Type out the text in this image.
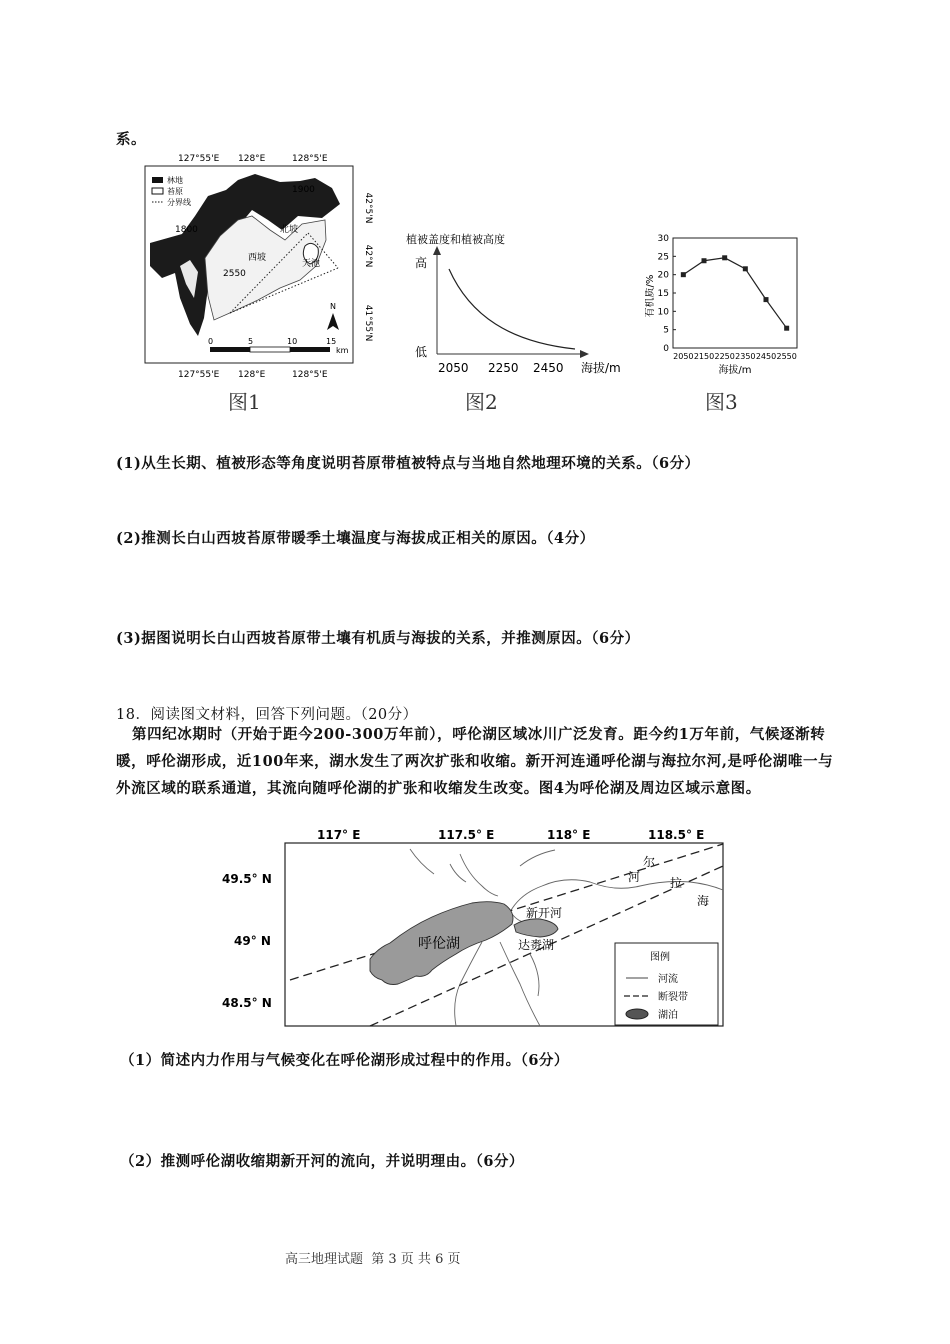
系。
127°55'E 128°E	128°5'E
42°5'N
42°N
41°55'N
林地
苔原
分界线
1900
1800
2550
北坡
西坡
天池
N
0	5	10	15
km
127°55'E 128°E	128°5'E
图1
植被盖度和植被高度
高
低
2050 2250 2450 海拔/m
图2
有机质/%
0
5
10
15
20
25
30
2050 2150 2250 2350 2450 2550
海拔/m
图3
(1)从生长期、植被形态等角度说明苔原带植被特点与当地自然地理环境的关系。（6分）
(2)推测长白山西坡苔原带暖季土壤温度与海拔成正相关的原因。（4分）
(3)据图说明长白山西坡苔原带土壤有机质与海拔的关系，并推测原因。（6分）
18．阅读图文材料，回答下列问题。（20分）
第四纪冰期时（开始于距今200-300万年前），呼伦湖区域冰川广泛发育。距今约1万年前，气候逐渐转暖，呼伦湖形成，近100年来，湖水发生了两次扩张和收缩。新开河连通呼伦湖与海拉尔河,是呼伦湖唯一与外流区域的联系通道，其流向随呼伦湖的扩张和收缩发生改变。图4为呼伦湖及周边区域示意图。
117° E	117.5° E	118° E	118.5° E
49.5° N
49° N
48.5° N
呼伦湖	达赉湖
新开河
河
尔
拉
海
图例
河流
断裂带
湖泊
（1）简述内力作用与气候变化在呼伦湖形成过程中的作用。（6分）
（2）推测呼伦湖收缩期新开河的流向，并说明理由。（6分）
高三地理试题  第 3 页 共 6 页
